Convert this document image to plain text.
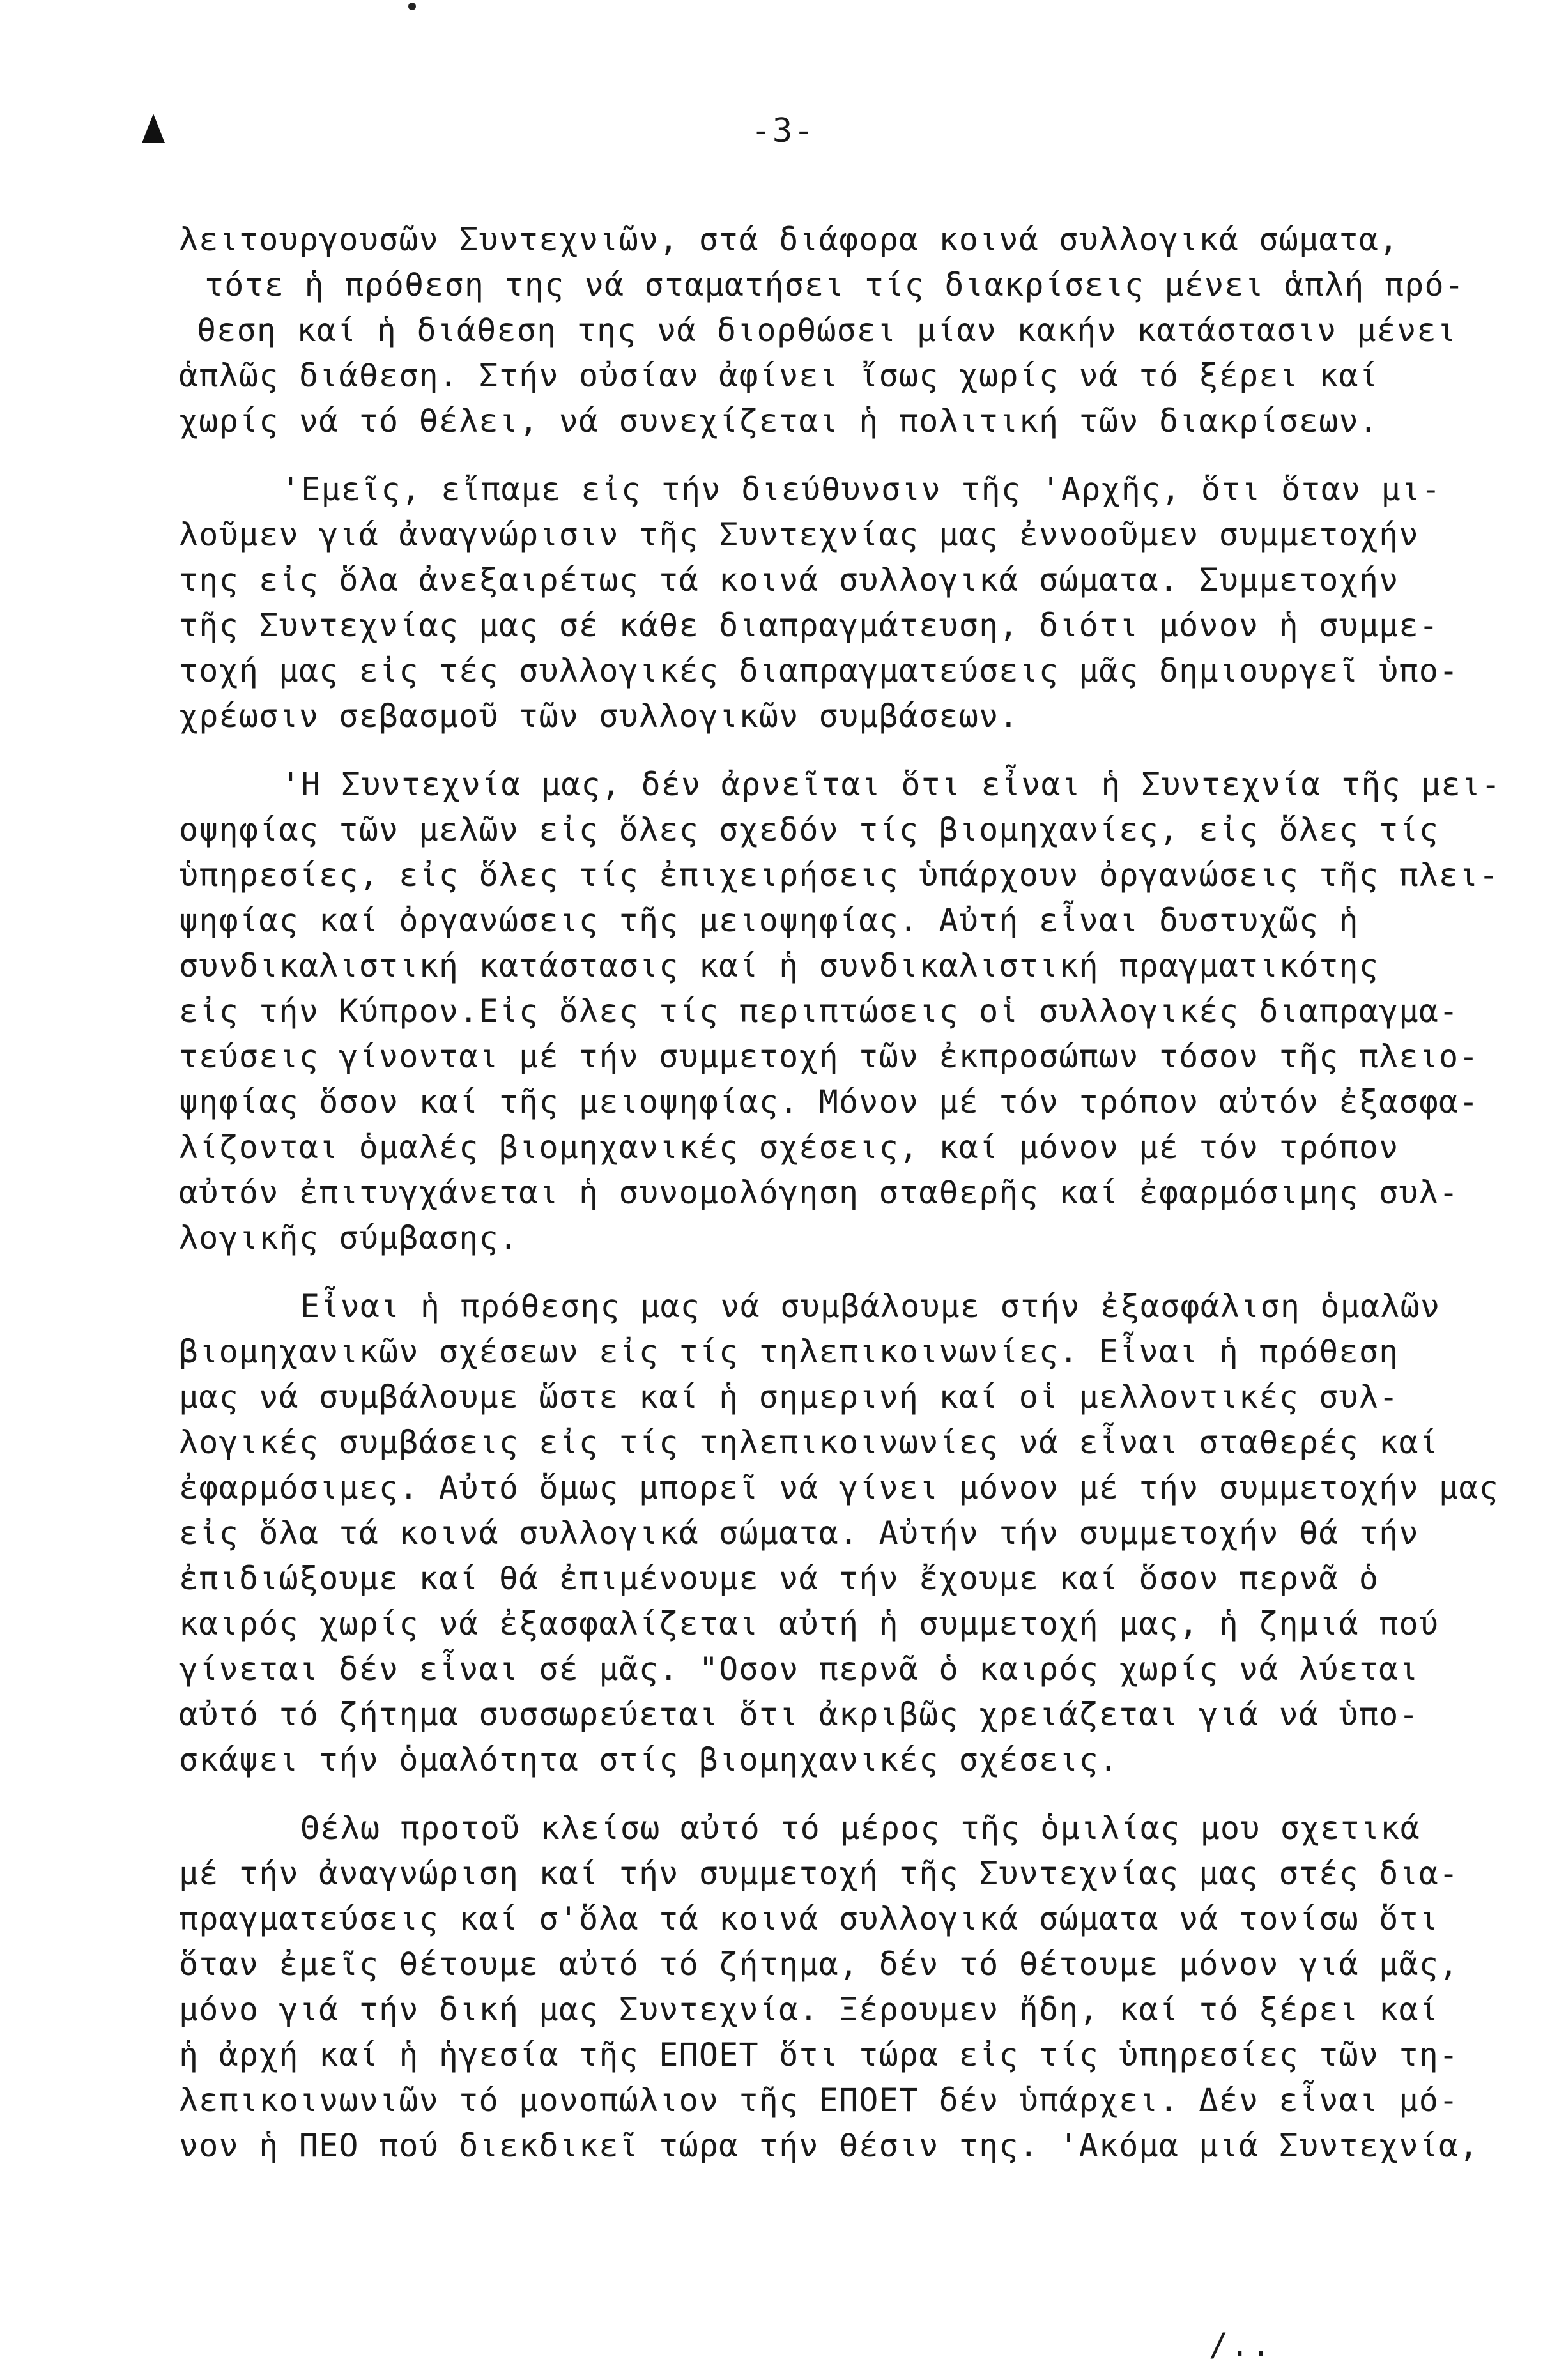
-3-
λειτουργουσῶν Συντεχνιῶν, στά διάφορα κοινά συλλογικά σώματα,
τότε ἡ πρόθεση της νά σταματήσει τίς διακρίσεις μένει ἁπλή πρό-
θεση καί ἡ διάθεση της νά διορθώσει μίαν κακήν κατάστασιν μένει
ἁπλῶς διάθεση. Στήν οὐσίαν ἀφίνει ἴσως χωρίς νά τό ξέρει καί
χωρίς νά τό θέλει, νά συνεχίζεται ἡ πολιτική τῶν διακρίσεων.
'Εμεῖς, εἴπαμε εἰς τήν διεύθυνσιν τῆς 'Αρχῆς, ὅτι ὅταν μι-
λοῦμεν γιά ἀναγνώρισιν τῆς Συντεχνίας μας ἐννοοῦμεν συμμετοχήν
της εἰς ὅλα ἀνεξαιρέτως τά κοινά συλλογικά σώματα. Συμμετοχήν
τῆς Συντεχνίας μας σέ κάθε διαπραγμάτευση, διότι μόνον ἡ συμμε-
τοχή μας εἰς τές συλλογικές διαπραγματεύσεις μᾶς δημιουργεῖ ὑπο-
χρέωσιν σεβασμοῦ τῶν συλλογικῶν συμβάσεων.
'Η Συντεχνία μας, δέν ἀρνεῖται ὅτι εἶναι ἡ Συντεχνία τῆς μει-
οψηφίας τῶν μελῶν εἰς ὅλες σχεδόν τίς βιομηχανίες, εἰς ὅλες τίς
ὑπηρεσίες, εἰς ὅλες τίς ἐπιχειρήσεις ὑπάρχουν ὀργανώσεις τῆς πλει-
ψηφίας καί ὀργανώσεις τῆς μειοψηφίας. Αὐτή εἶναι δυστυχῶς ἡ
συνδικαλιστική κατάστασις καί ἡ συνδικαλιστική πραγματικότης
εἰς τήν Κύπρον.Εἰς ὅλες τίς περιπτώσεις οἱ συλλογικές διαπραγμα-
τεύσεις γίνονται μέ τήν συμμετοχή τῶν ἐκπροσώπων τόσον τῆς πλειο-
ψηφίας ὅσον καί τῆς μειοψηφίας. Μόνον μέ τόν τρόπον αὐτόν ἐξασφα-
λίζονται ὁμαλές βιομηχανικές σχέσεις, καί μόνον μέ τόν τρόπον
αὐτόν ἐπιτυγχάνεται ἡ συνομολόγηση σταθερῆς καί ἐφαρμόσιμης συλ-
λογικῆς σύμβασης.
Εἶναι ἡ πρόθεσης μας νά συμβάλουμε στήν ἐξασφάλιση ὁμαλῶν
βιομηχανικῶν σχέσεων εἰς τίς τηλεπικοινωνίες. Εἶναι ἡ πρόθεση
μας νά συμβάλουμε ὥστε καί ἡ σημερινή καί οἱ μελλοντικές συλ-
λογικές συμβάσεις εἰς τίς τηλεπικοινωνίες νά εἶναι σταθερές καί
ἐφαρμόσιμες. Αὐτό ὅμως μπορεῖ νά γίνει μόνον μέ τήν συμμετοχήν μας
εἰς ὅλα τά κοινά συλλογικά σώματα. Αὐτήν τήν συμμετοχήν θά τήν
ἐπιδιώξουμε καί θά ἐπιμένουμε νά τήν ἔχουμε καί ὅσον περνᾶ ὁ
καιρός χωρίς νά ἐξασφαλίζεται αὐτή ἡ συμμετοχή μας, ἡ ζημιά πού
γίνεται δέν εἶναι σέ μᾶς. "Οσον περνᾶ ὁ καιρός χωρίς νά λύεται
αὐτό τό ζήτημα συσσωρεύεται ὅτι ἀκριβῶς χρειάζεται γιά νά ὑπο-
σκάψει τήν ὁμαλότητα στίς βιομηχανικές σχέσεις.
Θέλω προτοῦ κλείσω αὐτό τό μέρος τῆς ὁμιλίας μου σχετικά
μέ τήν ἀναγνώριση καί τήν συμμετοχή τῆς Συντεχνίας μας στές δια-
πραγματεύσεις καί σ'ὅλα τά κοινά συλλογικά σώματα νά τονίσω ὅτι
ὅταν ἐμεῖς θέτουμε αὐτό τό ζήτημα, δέν τό θέτουμε μόνον γιά μᾶς,
μόνο γιά τήν δική μας Συντεχνία. Ξέρουμεν ἤδη, καί τό ξέρει καί
ἡ ἀρχή καί ἡ ἡγεσία τῆς ΕΠΟΕΤ ὅτι τώρα εἰς τίς ὑπηρεσίες τῶν τη-
λεπικοινωνιῶν τό μονοπώλιον τῆς ΕΠΟΕΤ δέν ὑπάρχει. Δέν εἶναι μό-
νον ἡ ΠΕΟ πού διεκδικεῖ τώρα τήν θέσιν της. 'Ακόμα μιά Συντεχνία,
/..
